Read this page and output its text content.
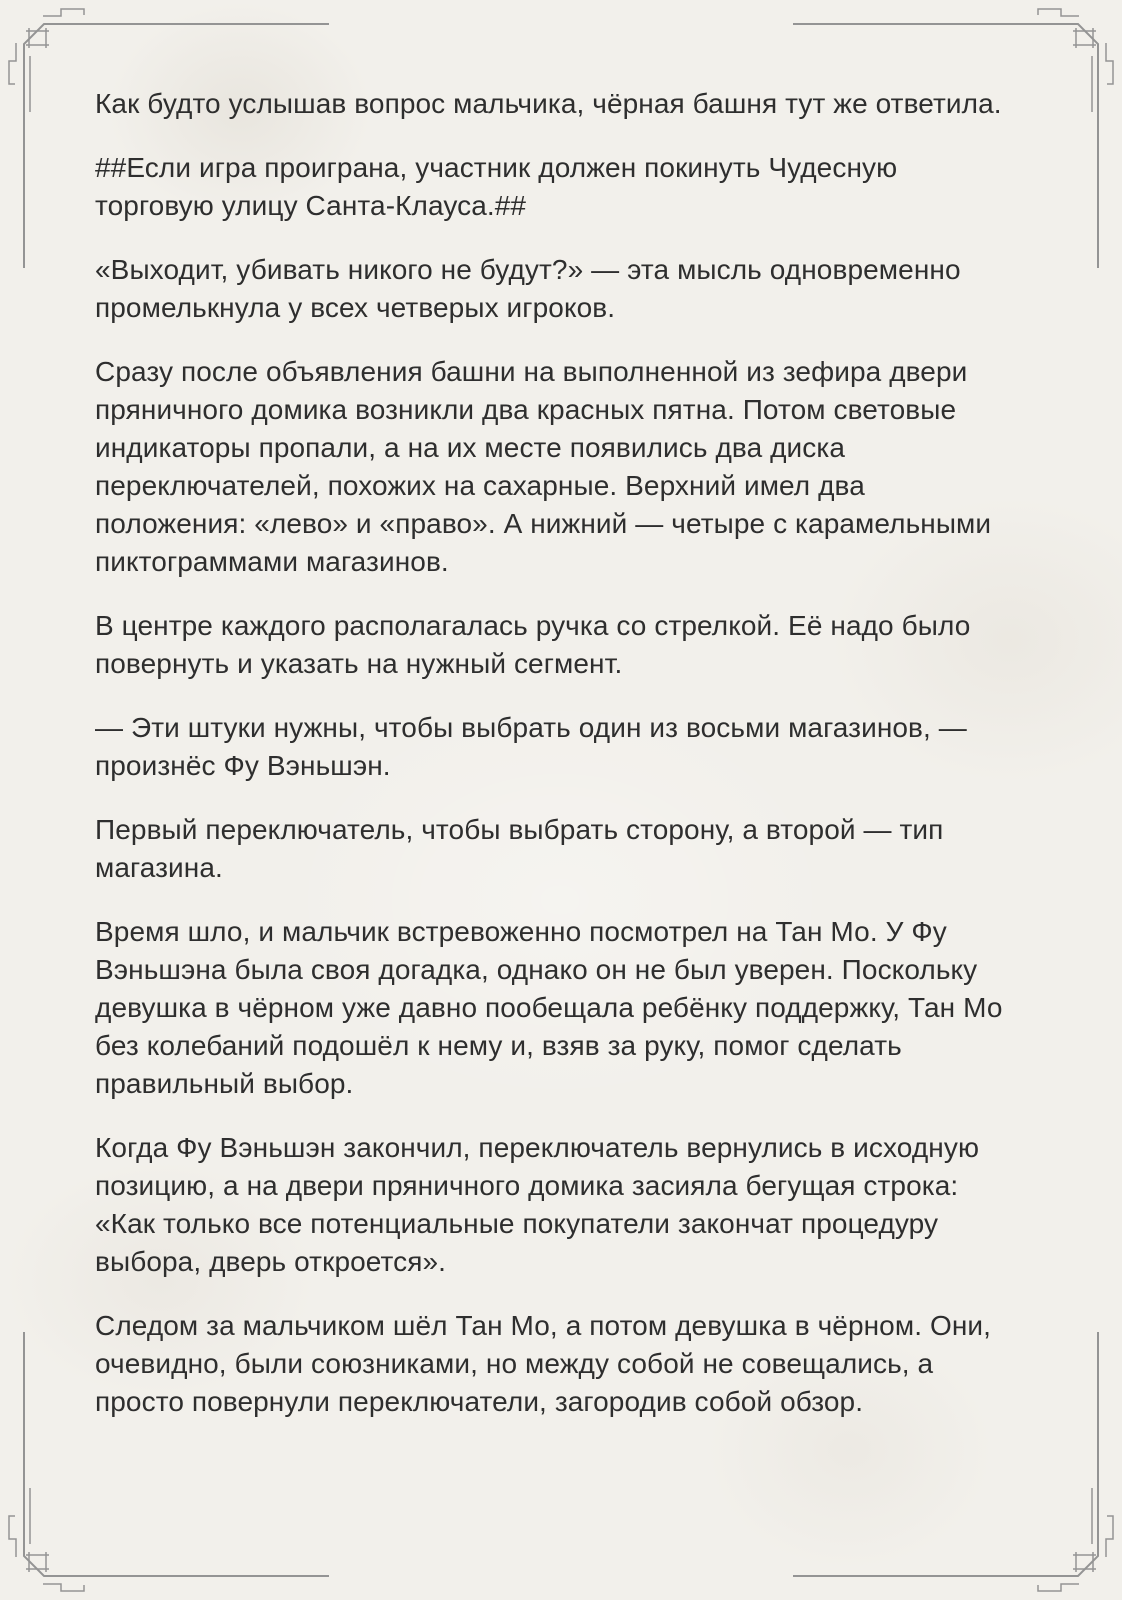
Как будто услышав вопрос мальчика, чёрная башня тут же ответила.

##Если игра проиграна, участник должен покинуть Чудесную торговую улицу Санта-Клауса.##

«Выходит, убивать никого не будут?» — эта мысль одновременно промелькнула у всех четверых игроков.

Сразу после объявления башни на выполненной из зефира двери пряничного домика возникли два красных пятна. Потом световые индикаторы пропали, а на их месте появились два диска переключателей, похожих на сахарные. Верхний имел два положения: «лево» и «право». А нижний — четыре с карамельными пиктограммами магазинов.

В центре каждого располагалась ручка со стрелкой. Её надо было повернуть и указать на нужный сегмент.

— Эти штуки нужны, чтобы выбрать один из восьми магазинов, — произнёс Фу Вэньшэн.

Первый переключатель, чтобы выбрать сторону, а второй — тип магазина.

Время шло, и мальчик встревоженно посмотрел на Тан Мо. У Фу Вэньшэна была своя догадка, однако он не был уверен. Поскольку девушка в чёрном уже давно пообещала ребёнку поддержку, Тан Мо без колебаний подошёл к нему и, взяв за руку, помог сделать правильный выбор.

Когда Фу Вэньшэн закончил, переключатель вернулись в исходную позицию, а на двери пряничного домика засияла бегущая строка: «Как только все потенциальные покупатели закончат процедуру выбора, дверь откроется».

Следом за мальчиком шёл Тан Мо, а потом девушка в чёрном. Они, очевидно, были союзниками, но между собой не совещались, а просто повернули переключатели, загородив собой обзор.
